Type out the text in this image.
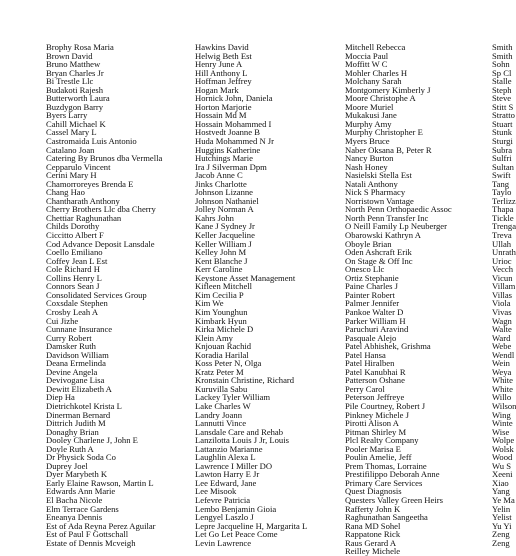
Brophy Rosa Maria
Brown David
Bruno Matthew
Bryan Charles Jr
Bi Trestle Llc
Budakoti Rajesh
Butterworth Laura
Buzdygon Barry
Byers Larry
Cahill Michael K
Cassel Mary L
Castromaida Luis Antonio
Catalano Joan
Catering By Brunos dba Vermella
Cepparulo Vincent
Cerini Mary H
Chamorroreyes Brenda E
Chang Hao
Chantharath Anthony
Cherry Brothers Llc dba Cherry
Chettiar Raghunathan
Childs Dorothy
Ciccitto Albert F
Cod Advance Deposit Lansdale
Coello Emiliano
Coffey Jean L Est
Cole Richard H
Collins Henry L
Connors Sean J
Consolidated Services Group
Coxsdale Stephen
Crosby Leah A
Cui Jizhe
Cunnane Insurance
Curry Robert
Damsker Ruth
Davidson William
Deana Ermelinda
Devine Angela
Devivogane Lisa
Dewitt Elizabeth A
Diep Ha
Dietrichkotel Krista L
Dinerman Bernard
Dittrich Judith M
Donaghy Brian
Dooley Charlene J, John E
Doyle Ruth A
Dr Physick Soda Co
Duprey Joel
Dyer Marybeth K
Early Elaine Rawson, Martin L
Edwards Ann Marie
El Bacha Nicole
Elm Terrace Gardens
Eneanya Dennis
Est of Ada Reyna Perez Aguilar
Est of Paul F Gottschall
Estate of Dennis Mcveigh
Hawkins David
Helwig Beth Est
Henry June A
Hill Anthony L
Hoffman Jeffrey
Hogan Mark
Hornick John, Daniela
Horton Marjorie
Hossain Md M
Hossain Mohammed I
Hostvedt Joanne B
Huda Mohammed N Jr
Huggins Katherine
Hutchings Marie
Ira J Silverman Dpm
Jacob Anne C
Jinks Charlotte
Johnson Lizanne
Johnson Nathaniel
Jolley Norman A
Kahrs John
Kane J Sydney Jr
Keller Jacqueline
Keller William J
Kelley John M
Kent Blanche J
Kerr Caroline
Keystone Asset Management
Kifleen Mitchell
Kim Cecilia P
Kim We
Kim Younghun
Kimbark Hyun
Kirka Michele D
Klein Amy
Knjouan Rachid
Koradia Harilal
Koss Peter N, Olga
Kratz Peter M
Kronstain Christine, Richard
Kuruvilla Sabu
Lackey Tyler William
Lake Charles W
Landry Joann
Lannutti Vince
Lansdale Care and Rehab
Lanzilotta Louis J Jr, Louis
Lattanzio Marianne
Laughlin Alexa L
Lawrence I Miller DO
Lawton Harry E Jr
Lee Edward, Jane
Lee Misook
Lefevre Patricia
Lembo Benjamin Gioia
Lengyel Laszlo J
Lepre Jacqueline H, Margarita L
Let Go Let Peace Come
Levin Lawrence
Mitchell Rebecca
Moccia Paul
Moffitt W C
Mohler Charles H
Molchany Sarah
Montgomery Kimberly J
Moore Christophe A
Moore Muriel
Mukakusi Jane
Murphy Amy
Murphy Christopher E
Myers Bruce
Naber Oksana B, Peter R
Nancy Burton
Nash Honey
Nasielski Stella Est
Natali Anthony
Nick S Pharmacy
Norristown Vantage
North Penn Orthopaedic Assoc
North Penn Transfer Inc
O Neill Family Lp Neuberger
Obarowski Kathryn A
Oboyle Brian
Oden Ashcraft Erik
On Stage & Off Inc
Onesco Llc
Ortiz Stephanie
Paine Charles J
Painter Robert
Palmer Jennifer
Pankoe Walter D
Parker William H
Paruchuri Aravind
Pasquale Alejo
Patel Abhishek, Grishma
Patel Hansa
Patel Hiralben
Patel Kanubhai R
Patterson Oshane
Perry Carol
Peterson Jeffreye
Pile Courtney, Robert J
Pinkney Michele J
Pirotti Alison A
Pitman Shirley M
Plcl Realty Company
Pooler Marisa E
Poulin Amelie, Jeff
Prem Thomas, Lorraine
Prestifilippo Deborah Anne
Primary Care Services
Quest Diagnosis
Questers Valley Green Heirs
Rafferty John K
Raghunathan Sangeetha
Rana MD Sohel
Rappatone Rick
Raus Gerard A
Reilley Michele
Smith
Smith
Sohn
Sp Cl
Stalle
Steph
Steve
Stitt S
Stratto
Stuart
Stunk
Sturgi
Subra
Sulfri
Sultan
Swift
Tang
Taylo
Terlizz
Thapa
Tickle
Trenga
Treva
Ullah
Unrath
Urioc
Vecch
Vicun
Villam
Villas
Viola
Vivas
Wagn
Walte
Ward
Webe
Wendl
Wein
Weya
White
White
Willo
Wilson
Wing
Winte
Wise
Wolpe
Wolsk
Wood
Wu S
Xeeni
Xiao
Yang
Ye Ma
Yelin
Yelist
Yu Yi
Zeng
Zeng
